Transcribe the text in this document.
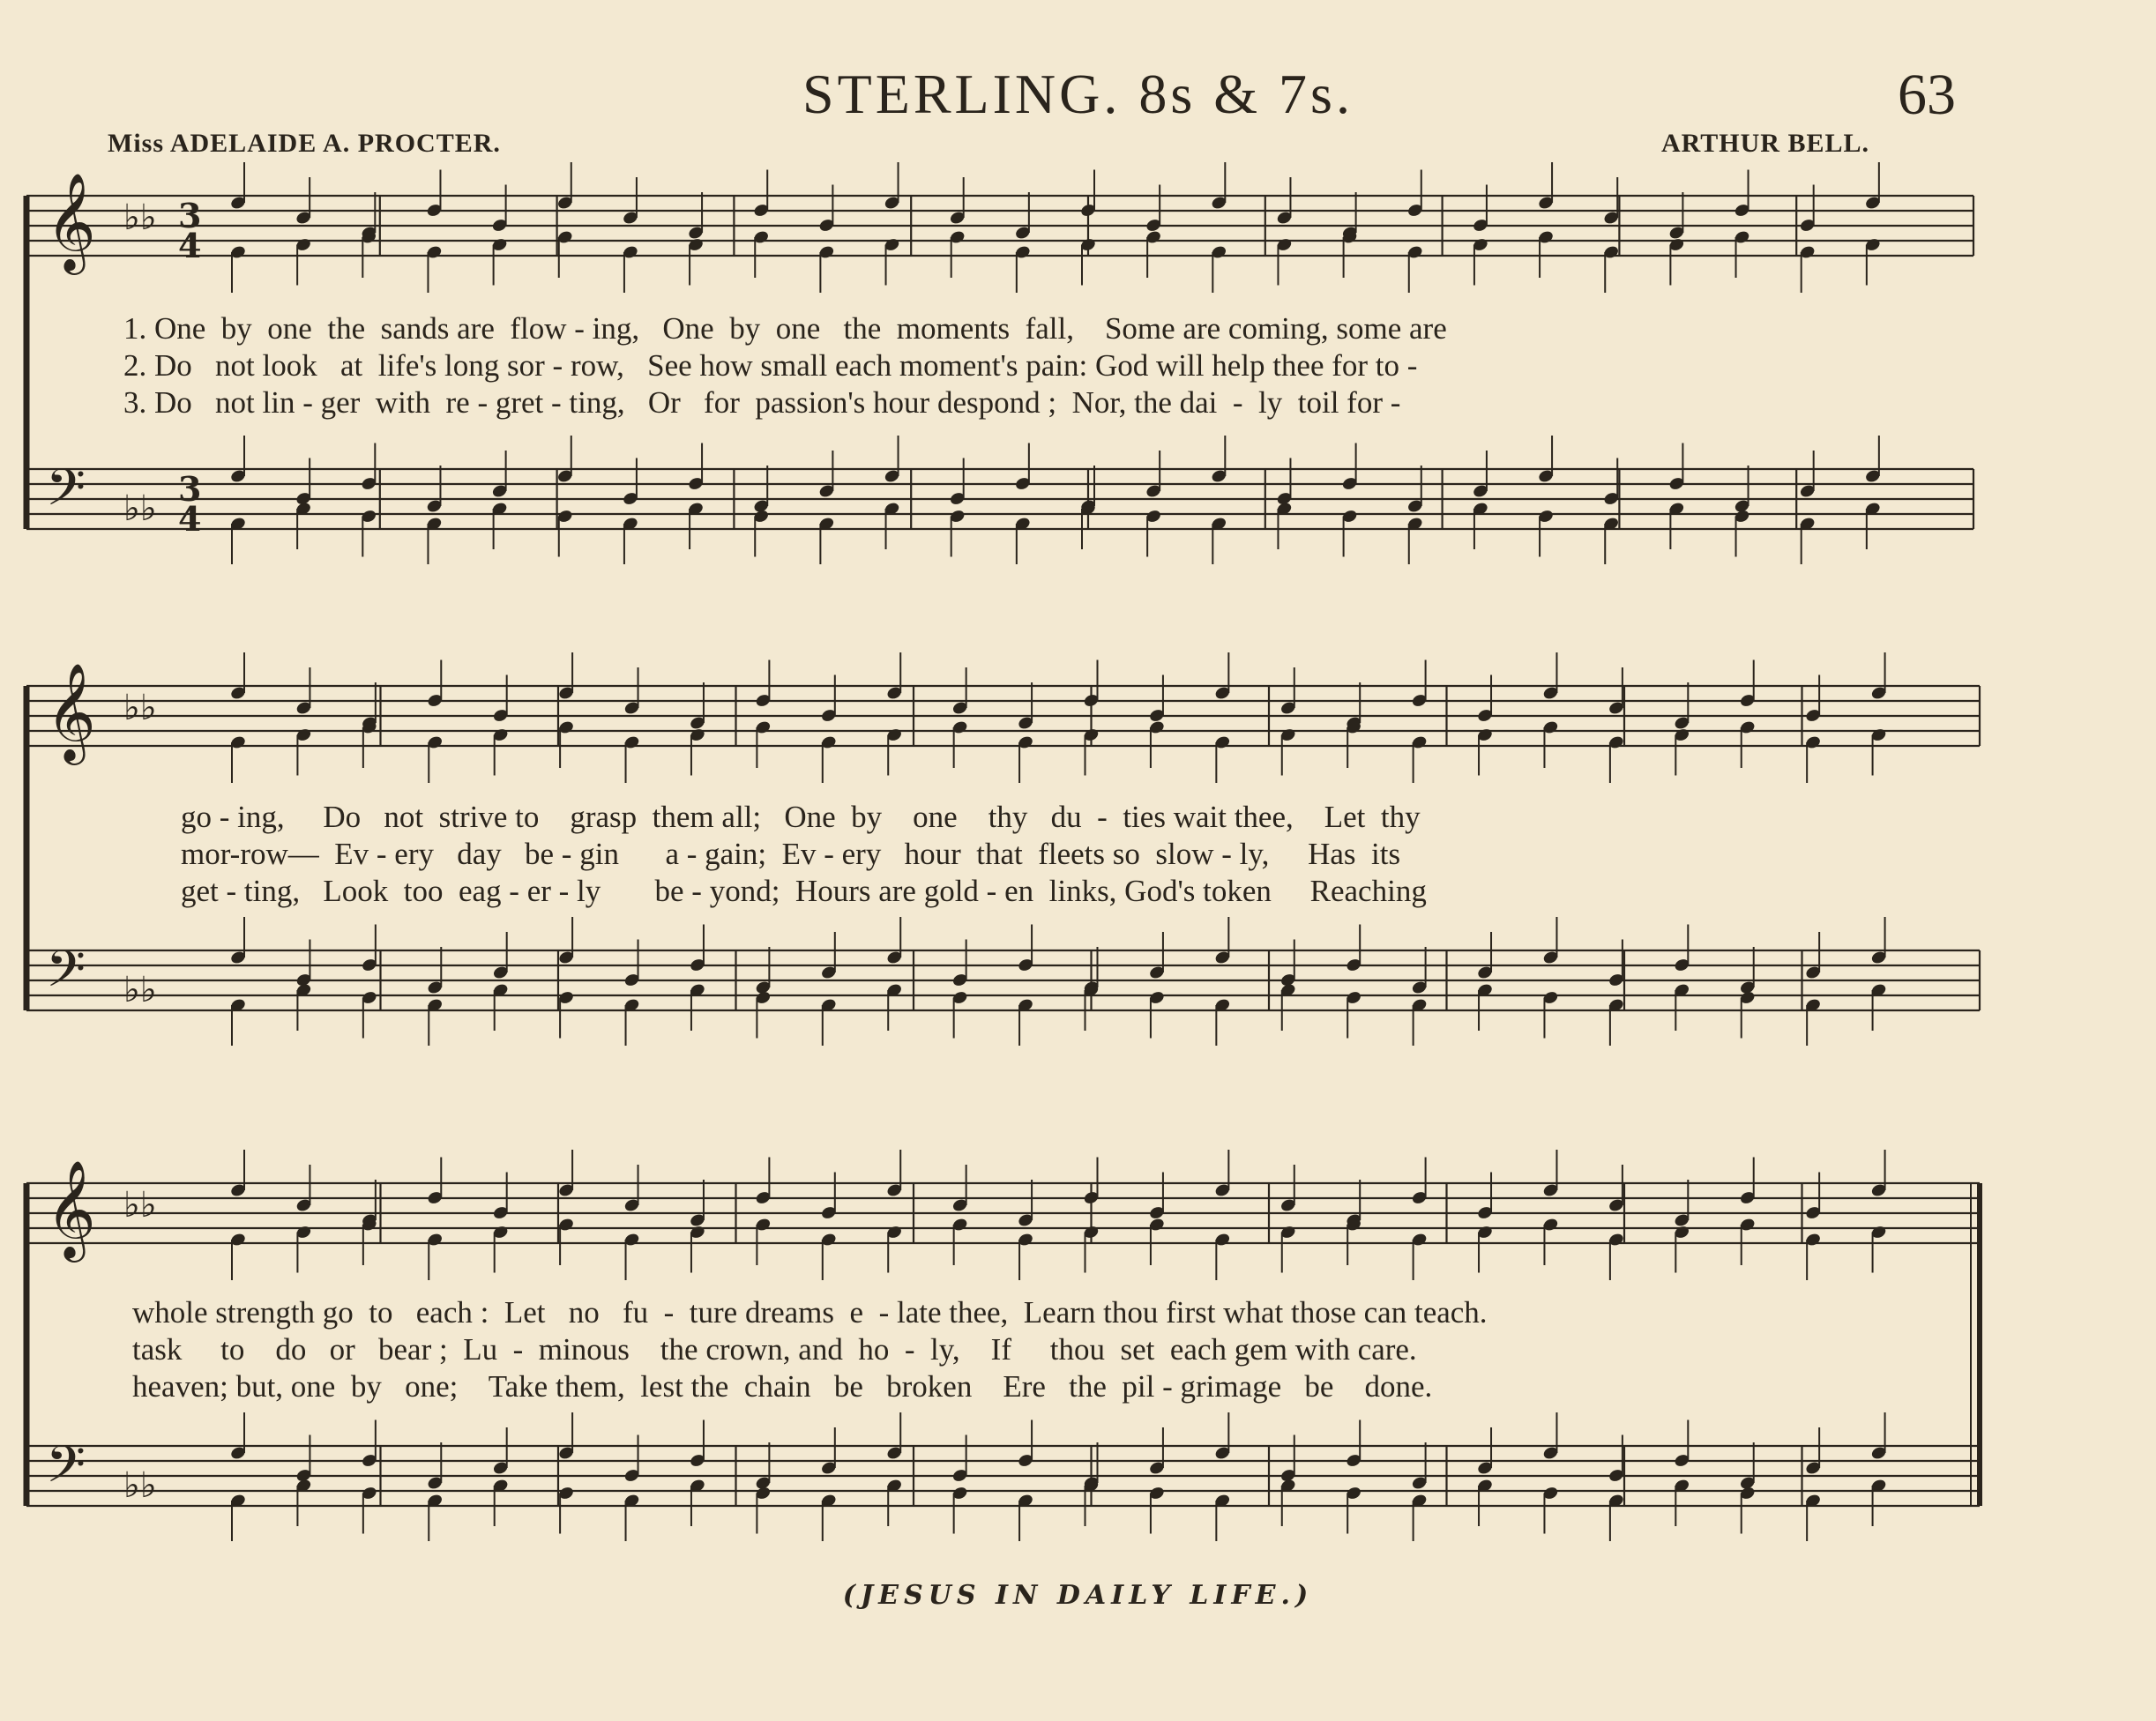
STERLING. 8s & 7s.	63
Miss ADELAIDE A. PROCTER.	ARTHUR BELL.
𝄞 ♭♭ 3
4
𝄢 ♭♭ 3
4
𝄞 ♭♭
𝄢 ♭♭
𝄞 ♭♭
𝄢 ♭♭
1. One  by  one  the  sands are  flow - ing,   One  by  one   the  moments  fall,    Some are coming, some are
2. Do   not look   at  life's long sor - row,   See how small each moment's pain: God will help thee for to -
3. Do   not lin - ger  with  re - gret - ting,   Or   for  passion's hour despond ;  Nor, the dai  -  ly  toil for -
go - ing,     Do   not  strive to    grasp  them all;   One  by    one    thy   du  -  ties wait thee,    Let  thy
mor-row—  Ev - ery   day   be - gin      a - gain;  Ev - ery   hour  that  fleets so  slow - ly,     Has  its
get - ting,   Look  too  eag - er - ly       be - yond;  Hours are gold - en  links, God's token     Reaching
whole strength go  to   each :  Let   no   fu  -  ture dreams  e  - late thee,  Learn thou first what those can teach.
task     to    do   or   bear ;  Lu  -  minous    the crown, and  ho  -  ly,    If     thou  set  each gem with care.
heaven; but, one  by   one;    Take them,  lest the  chain   be   broken    Ere   the  pil - grimage   be    done.
(JESUS IN DAILY LIFE.)
